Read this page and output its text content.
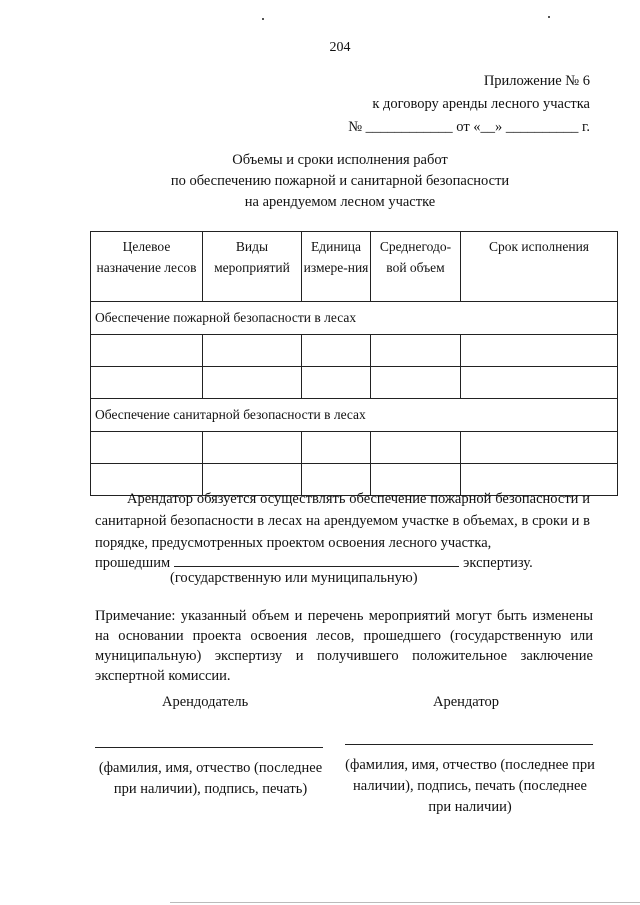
204
Приложение № 6
к договору аренды лесного участка
№ ____________ от «__» __________ г.
Объемы и сроки исполнения работ
по обеспечению пожарной и санитарной безопасности
на арендуемом лесном участке
Целевое назначение лесов	Виды мероприятий	Единица измере-ния	Среднегодо-вой объем	Срок исполнения
Обеспечение пожарной безопасности в лесах				

Обеспечение санитарной безопасности в лесах				

Арендатор обязуется осуществлять обеспечение пожарной безопасности и санитарной безопасности в лесах на арендуемом участке в объемах, в сроки и в порядке, предусмотренных проектом освоения лесного участка,
прошедшим	экспертизу.
(государственную или муниципальную)
Примечание: указанный объем и перечень мероприятий могут быть изменены на основании проекта освоения лесов, прошедшего (государственную или муниципальную) экспертизу и получившего положительное заключение экспертной комиссии.
Арендодатель	Арендатор
(фамилия, имя, отчество (последнее при наличии), подпись, печать)
(фамилия, имя, отчество (последнее при наличии), подпись, печать (последнее при наличии)
